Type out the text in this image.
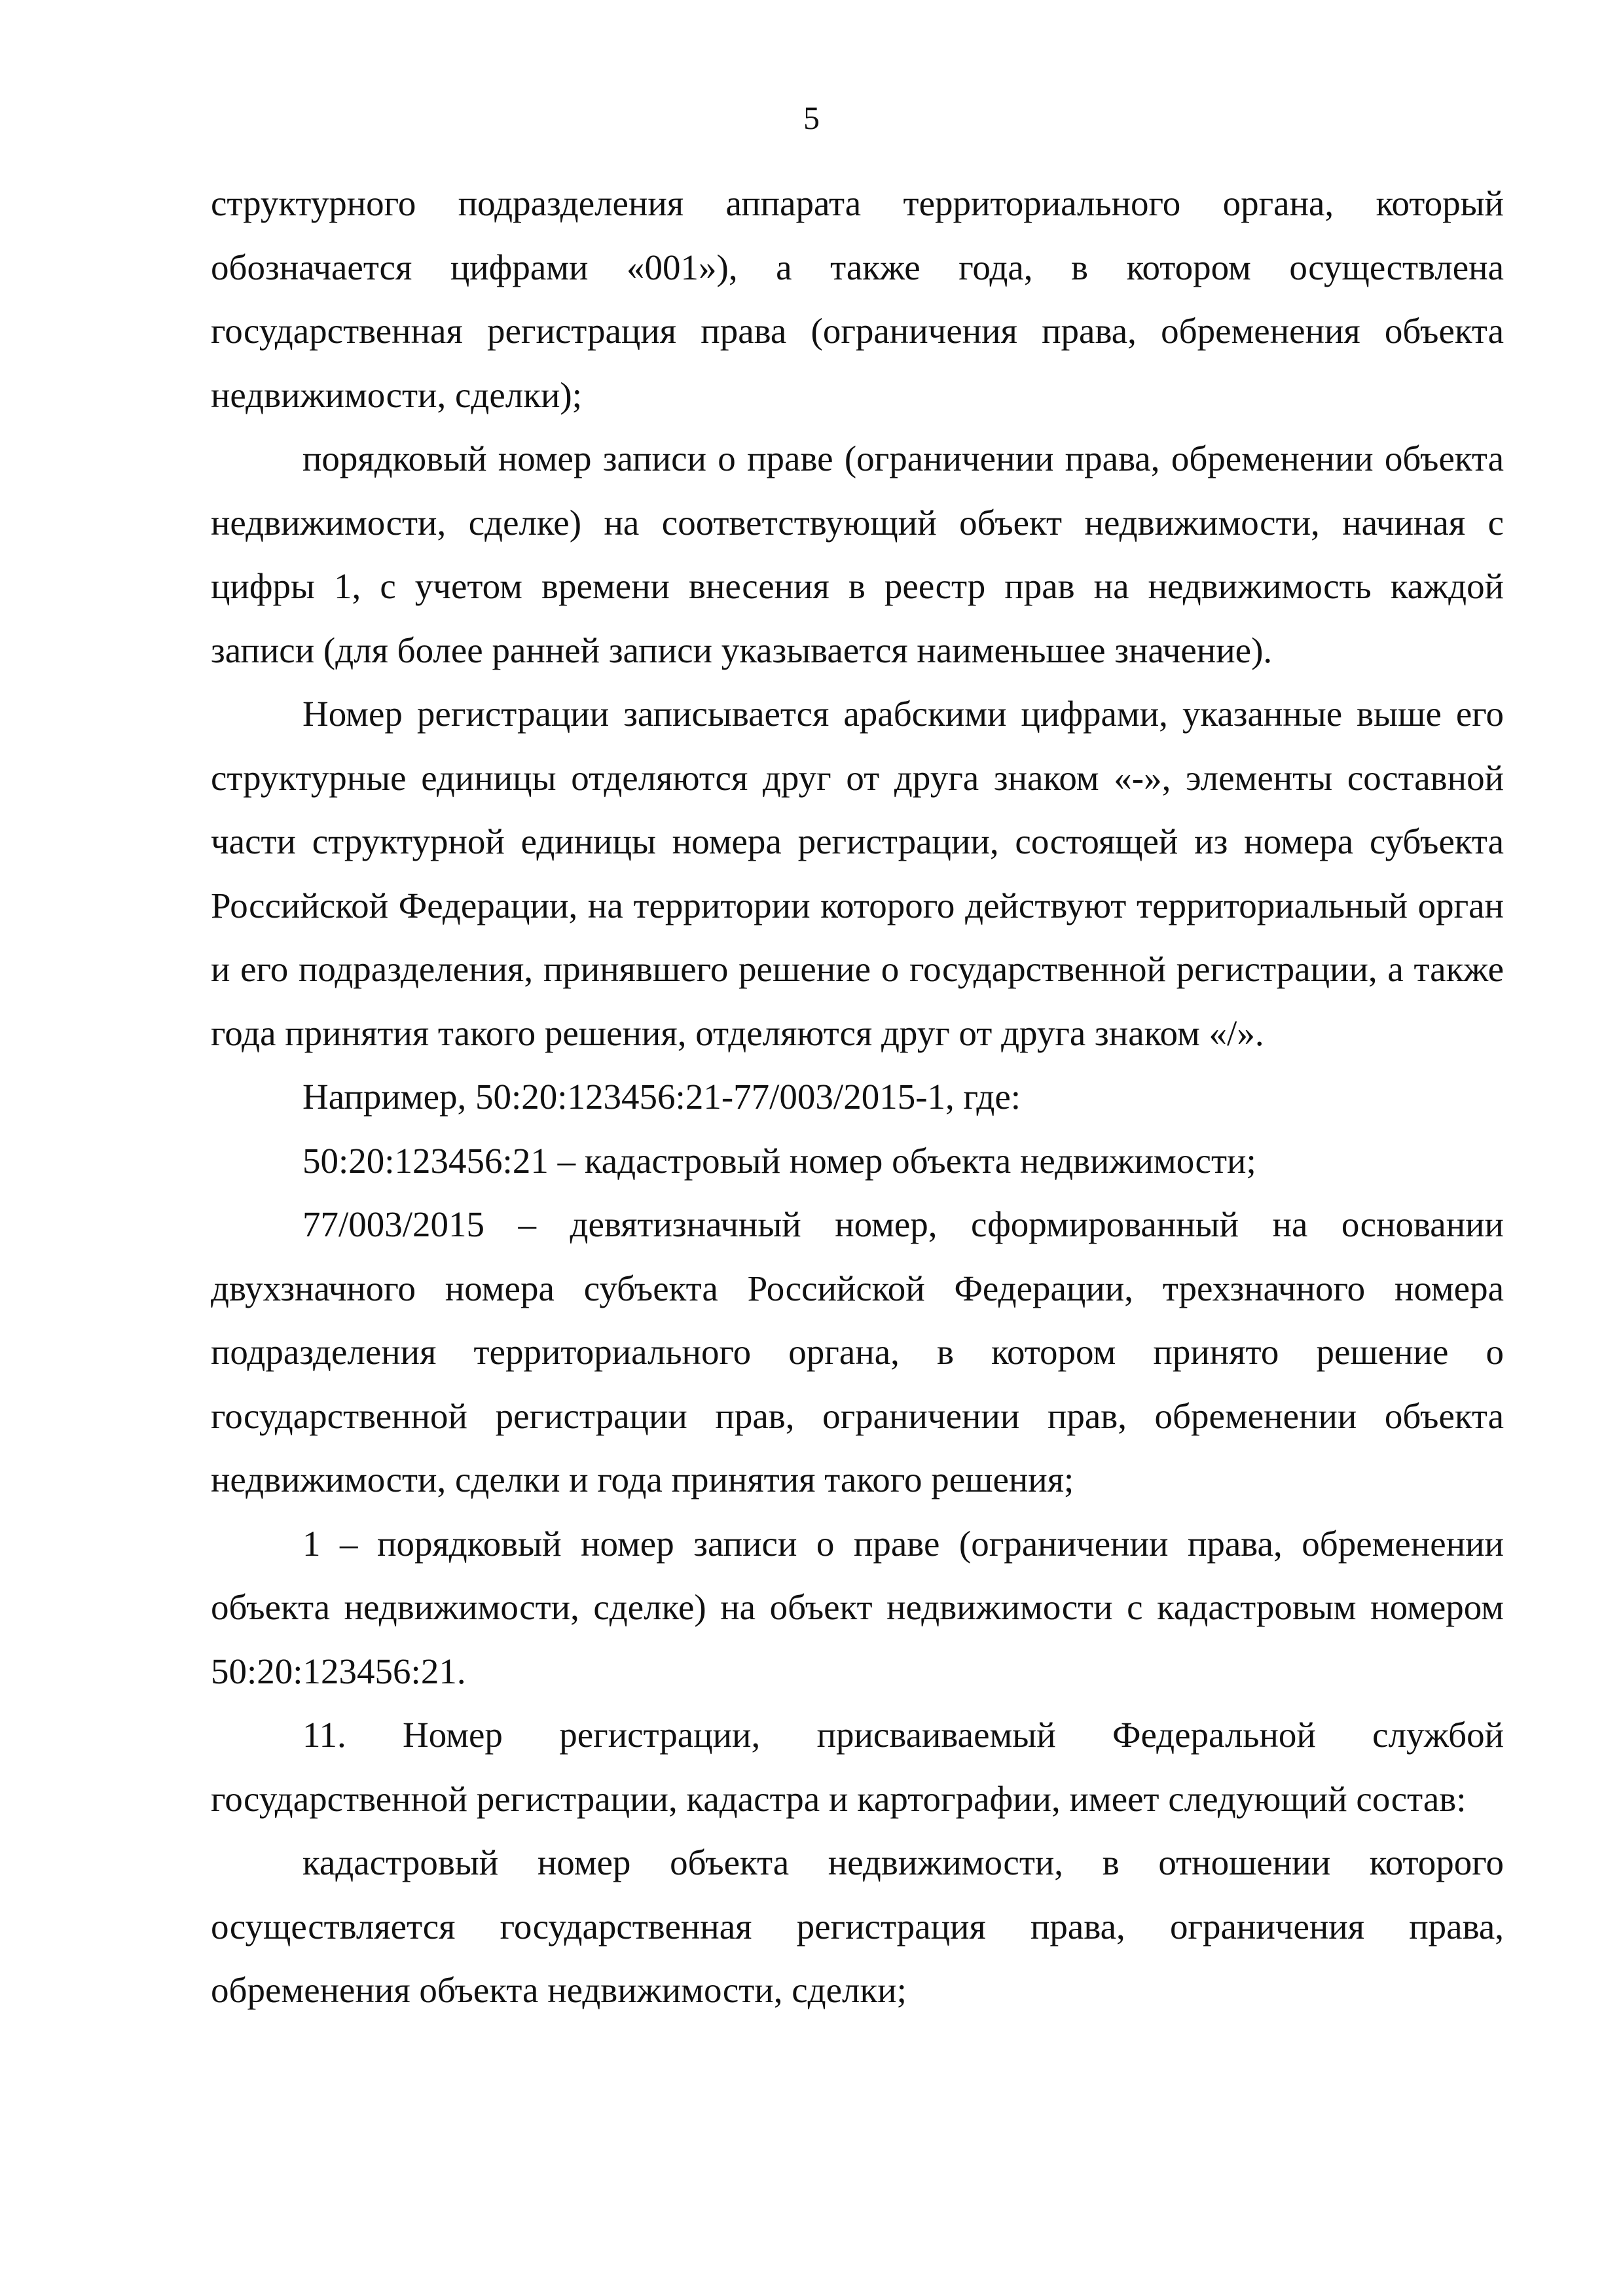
5

структурного подразделения аппарата территориального органа, который обозначается цифрами «001»), а также года, в котором осуществлена государственная регистрация права (ограничения права, обременения объекта недвижимости, сделки);

порядковый номер записи о праве (ограничении права, обременении объекта недвижимости, сделке) на соответствующий объект недвижимости, начиная с цифры 1, с учетом времени внесения в реестр прав на недвижимость каждой записи (для более ранней записи указывается наименьшее значение).

Номер регистрации записывается арабскими цифрами, указанные выше его структурные единицы отделяются друг от друга знаком «-», элементы составной части структурной единицы номера регистрации, состоящей из номера субъекта Российской Федерации, на территории которого действуют территориальный орган и его подразделения, принявшего решение о государственной регистрации, а также года принятия такого решения, отделяются друг от друга знаком «/».

Например, 50:20:123456:21-77/003/2015-1, где:

50:20:123456:21 – кадастровый номер объекта недвижимости;

77/003/2015 – девятизначный номер, сформированный на основании двухзначного номера субъекта Российской Федерации, трехзначного номера подразделения территориального органа, в котором принято решение о государственной регистрации прав, ограничении прав, обременении объекта недвижимости, сделки и года принятия такого решения;

1 – порядковый номер записи о праве (ограничении права, обременении объекта недвижимости, сделке) на объект недвижимости с кадастровым номером 50:20:123456:21.

11. Номер регистрации, присваиваемый Федеральной службой государственной регистрации, кадастра и картографии, имеет следующий состав:

кадастровый номер объекта недвижимости, в отношении которого осуществляется государственная регистрация права, ограничения права, обременения объекта недвижимости, сделки;
